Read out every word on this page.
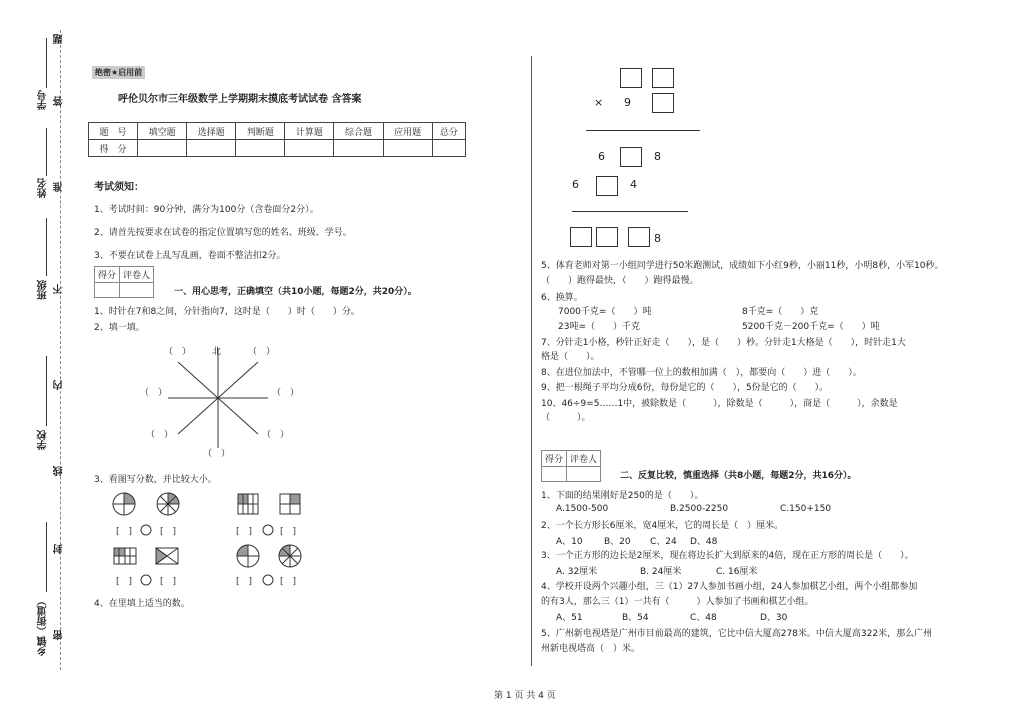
题
学号 答
姓名 准
班级 不
内
学校
线
封
乡镇（街道） 密
绝密★启用前
呼伦贝尔市三年级数学上学期期末摸底考试试卷 含答案
题　号	填空题	选择题	判断题	计算题	综合题	应用题	总分
得　分							
考试须知：
1、考试时间：90分钟，满分为100分（含卷面分2分）。
2、请首先按要求在试卷的指定位置填写您的姓名、班级、学号。
3、不要在试卷上乱写乱画，卷面不整洁扣2分。
得分	评卷人

一、用心思考，正确填空（共10小题，每题2分，共20分）。
1、时针在7和8之间，分针指向7，这时是（　　）时（　　）分。
2、填一填。
北
（　）	（　）
（　）	（　）
（　）	（　）
（　）
3、看图写分数，并比较大小。
[　]	[　]	[　]	[　]
[　]	[　]	[　]	[　]
4、在里填上适当的数。
× 9
6	8
6	4
8
5、体育老师对第一小组同学进行50米跑测试，成绩如下小红9秒，小丽11秒，小明8秒，小军10秒。
（　　）跑得最快，（　　）跑得最慢。
6、换算。
7000千克=（　　）吨	8千克=（　　）克
23吨=（　　）千克	5200千克－200千克=（　　）吨
7、分针走1小格，秒针正好走（　　），是（　　）秒。分针走1大格是（　　），时针走1大
格是（　　）。
8、在进位加法中，不管哪一位上的数相加满（　），都要向（　　）进（　　）。
9、把一根绳子平均分成6份，每份是它的（　　），5份是它的（　　）。
10、46÷9=5……1中，被除数是（　　　），除数是（　　　），商是（　　　），余数是
（　　　）。
得分	评卷人

二、反复比较，慎重选择（共8小题，每题2分，共16分）。
1、下面的结果刚好是250的是（　　）。
A.1500-500	B.2500-2250	C.150+150
2、一个长方形长6厘米，宽4厘米，它的周长是（　）厘米。
A、10 B、20 C、24 D、48
3、一个正方形的边长是2厘米，现在将边长扩大到原来的4倍，现在正方形的周长是（　　）。
A. 32厘米	B. 24厘米	C. 16厘米
4、学校开设两个兴趣小组，三（1）27人参加书画小组，24人参加棋艺小组，两个小组都参加
的有3人，那么三（1）一共有（　　　）人参加了书画和棋艺小组。
A、51	B、54	C、48	D、30
5、广州新电视塔是广州市目前最高的建筑，它比中信大厦高278米。中信大厦高322米，那么广州
州新电视塔高（　）米。
第 1 页 共 4 页
